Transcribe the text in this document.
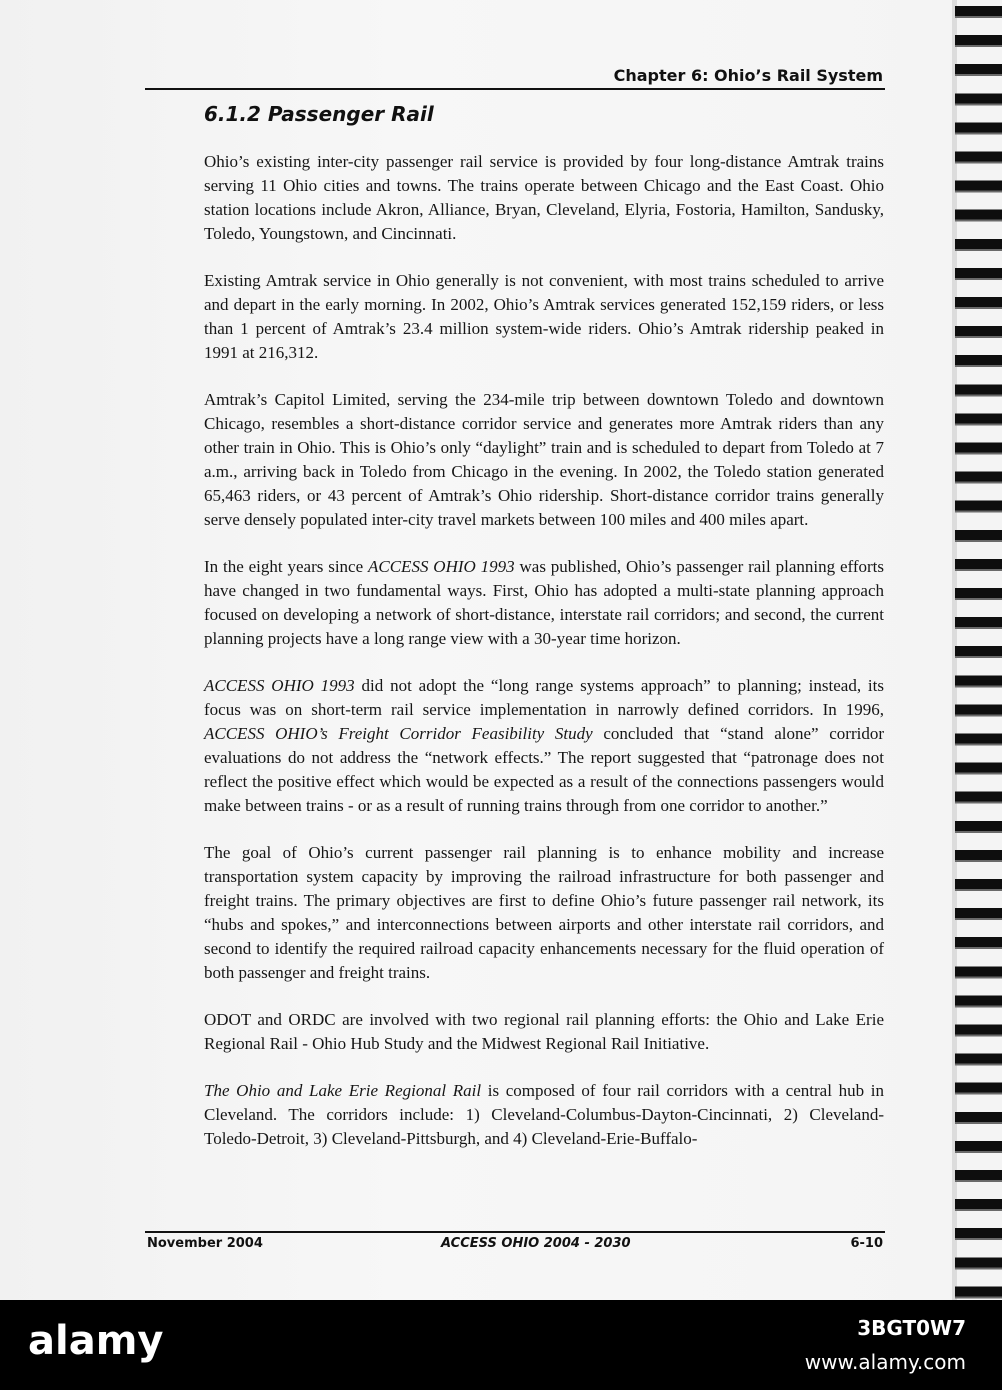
Chapter 6: Ohio’s Rail System
6.1.2 Passenger Rail

Ohio’s existing inter-city passenger rail service is provided by four long-distance Amtrak trains serving 11 Ohio cities and towns. The trains operate between Chicago and the East Coast. Ohio station locations include Akron, Alliance, Bryan, Cleveland, Elyria, Fostoria, Hamilton, Sandusky, Toledo, Youngstown, and Cincinnati.

Existing Amtrak service in Ohio generally is not convenient, with most trains scheduled to arrive and depart in the early morning. In 2002, Ohio’s Amtrak services generated 152,159 riders, or less than 1 percent of Amtrak’s 23.4 million system-wide riders. Ohio’s Amtrak ridership peaked in 1991 at 216,312.

Amtrak’s Capitol Limited, serving the 234-mile trip between downtown Toledo and downtown Chicago, resembles a short-distance corridor service and generates more Amtrak riders than any other train in Ohio. This is Ohio’s only “daylight” train and is scheduled to depart from Toledo at 7 a.m., arriving back in Toledo from Chicago in the evening. In 2002, the Toledo station generated 65,463 riders, or 43 percent of Amtrak’s Ohio ridership. Short-distance corridor trains generally serve densely populated inter-city travel markets between 100 miles and 400 miles apart.

In the eight years since ACCESS OHIO 1993 was published, Ohio’s passenger rail planning efforts have changed in two fundamental ways. First, Ohio has adopted a multi-state planning approach focused on developing a network of short-distance, interstate rail corridors; and second, the current planning projects have a long range view with a 30-year time horizon.

ACCESS OHIO 1993 did not adopt the “long range systems approach” to planning; instead, its focus was on short-term rail service implementation in narrowly defined corridors. In 1996, ACCESS OHIO’s Freight Corridor Feasibility Study concluded that “stand alone” corridor evaluations do not address the “network effects.” The report suggested that “patronage does not reflect the positive effect which would be expected as a result of the connections passengers would make between trains - or as a result of running trains through from one corridor to another.”

The goal of Ohio’s current passenger rail planning is to enhance mobility and increase transportation system capacity by improving the railroad infrastructure for both passenger and freight trains. The primary objectives are first to define Ohio’s future passenger rail network, its “hubs and spokes,” and interconnections between airports and other interstate rail corridors, and second to identify the required railroad capacity enhancements necessary for the fluid operation of both passenger and freight trains.

ODOT and ORDC are involved with two regional rail planning efforts: the Ohio and Lake Erie Regional Rail - Ohio Hub Study and the Midwest Regional Rail Initiative.

The Ohio and Lake Erie Regional Rail is composed of four rail corridors with a central hub in Cleveland. The corridors include: 1) Cleveland-Columbus-Dayton-Cincinnati, 2) Cleveland-Toledo-Detroit, 3) Cleveland-Pittsburgh, and 4) Cleveland-Erie-Buffalo-

November 2004	ACCESS OHIO 2004 - 2030	6-10
alamy	3BGT0W7
www.alamy.com
